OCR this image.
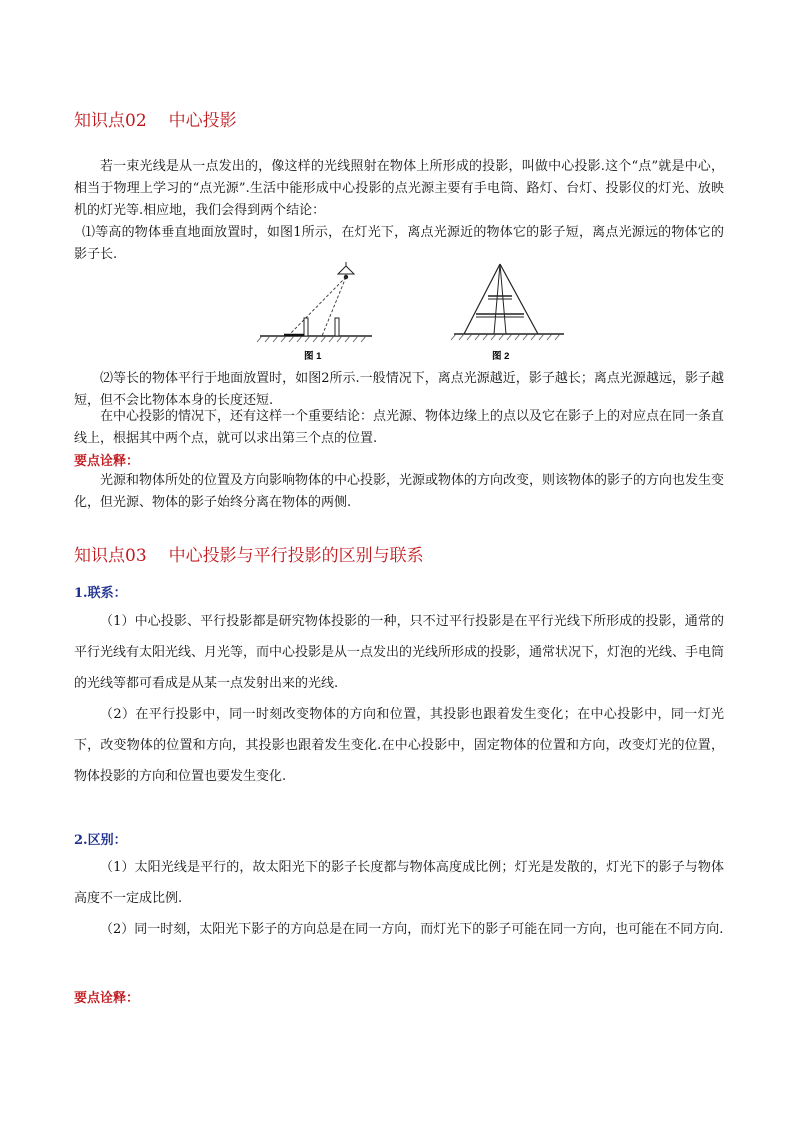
知识点02 中心投影

若一束光线是从一点发出的，像这样的光线照射在物体上所形成的投影，叫做中心投影.这个“点”就是中心，相当于物理上学习的“点光源”.生活中能形成中心投影的点光源主要有手电筒、路灯、台灯、投影仪的灯光、放映机的灯光等.相应地，我们会得到两个结论：

⑴等高的物体垂直地面放置时，如图1所示，在灯光下，离点光源近的物体它的影子短，离点光源远的物体它的影子长.

图 1	图 2

⑵等长的物体平行于地面放置时，如图2所示.一般情况下，离点光源越近，影子越长；离点光源越远，影子越短，但不会比物体本身的长度还短.

在中心投影的情况下，还有这样一个重要结论：点光源、物体边缘上的点以及它在影子上的对应点在同一条直线上，根据其中两个点，就可以求出第三个点的位置.

要点诠释：

光源和物体所处的位置及方向影响物体的中心投影，光源或物体的方向改变，则该物体的影子的方向也发生变化，但光源、物体的影子始终分离在物体的两侧.

知识点03 中心投影与平行投影的区别与联系
1.联系：

（1）中心投影、平行投影都是研究物体投影的一种，只不过平行投影是在平行光线下所形成的投影，通常的平行光线有太阳光线、月光等，而中心投影是从一点发出的光线所形成的投影，通常状况下，灯泡的光线、手电筒的光线等都可看成是从某一点发射出来的光线.

（2）在平行投影中，同一时刻改变物体的方向和位置，其投影也跟着发生变化；在中心投影中，同一灯光下，改变物体的位置和方向，其投影也跟着发生变化.在中心投影中，固定物体的位置和方向，改变灯光的位置，物体投影的方向和位置也要发生变化.

2.区别：

（1）太阳光线是平行的，故太阳光下的影子长度都与物体高度成比例；灯光是发散的，灯光下的影子与物体高度不一定成比例.

（2）同一时刻，太阳光下影子的方向总是在同一方向，而灯光下的影子可能在同一方向，也可能在不同方向.

要点诠释：
